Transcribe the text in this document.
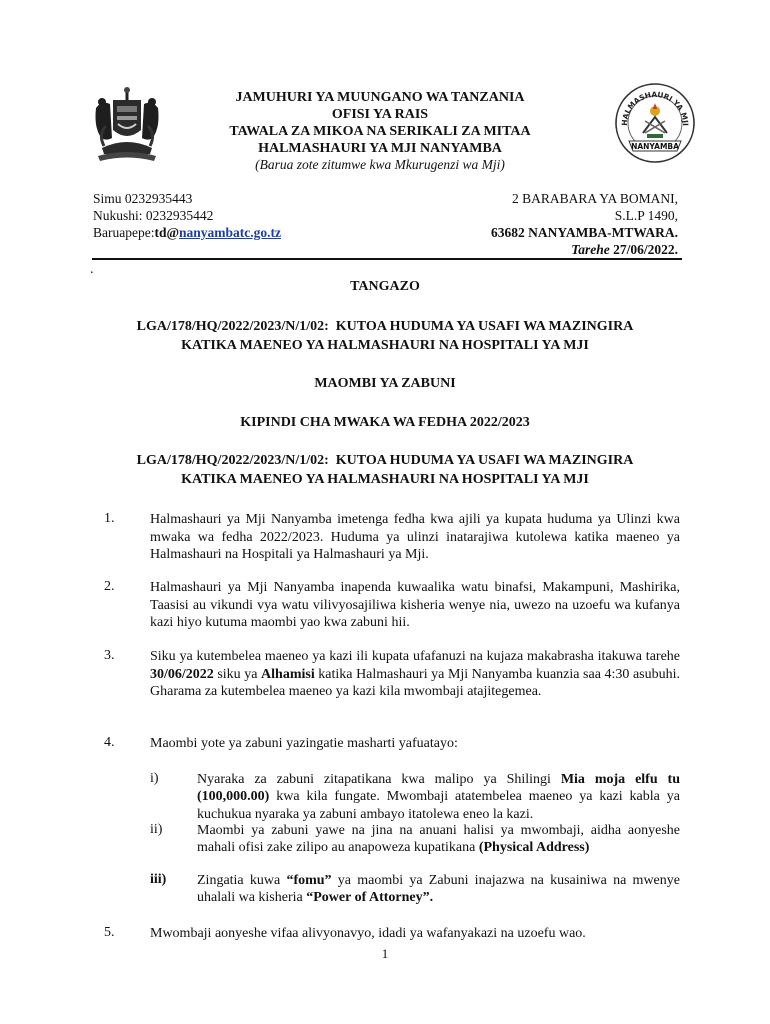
JAMUHURI YA MUUNGANO WA TANZANIA
OFISI YA RAIS
TAWALA ZA MIKOA NA SERIKALI ZA MITAA
HALMASHAURI YA MJI NANYAMBA
(Barua zote zitumwe kwa Mkurugenzi wa Mji)
HALMASHAURI YA MJI
NANYAMBA
Simu 0232935443
Nukushi: 0232935442
Baruapepe:td@nanyambatc.go.tz
2 BARABARA YA BOMANI,
S.L.P 1490,
63682 NANYAMBA-MTWARA.
Tarehe 27/06/2022.
.
TANGAZO
LGA/178/HQ/2022/2023/N/1/02:  KUTOA HUDUMA YA USAFI WA MAZINGIRA
KATIKA MAENEO YA HALMASHAURI NA HOSPITALI YA MJI
MAOMBI YA ZABUNI
KIPINDI CHA MWAKA WA FEDHA 2022/2023
LGA/178/HQ/2022/2023/N/1/02:  KUTOA HUDUMA YA USAFI WA MAZINGIRA
KATIKA MAENEO YA HALMASHAURI NA HOSPITALI YA MJI
1.	Halmashauri ya Mji Nanyamba imetenga fedha kwa ajili ya kupata huduma ya Ulinzi kwa mwaka wa fedha 2022/2023. Huduma ya ulinzi inatarajiwa kutolewa katika maeneo ya Halmashauri na Hospitali ya Halmashauri ya Mji.
2.	Halmashauri ya Mji Nanyamba inapenda kuwaalika watu binafsi, Makampuni, Mashirika, Taasisi au vikundi vya watu vilivyosajiliwa kisheria wenye nia, uwezo na uzoefu wa kufanya kazi hiyo kutuma maombi yao kwa zabuni hii.
3.	Siku ya kutembelea maeneo ya kazi ili kupata ufafanuzi na kujaza makabrasha itakuwa tarehe 30/06/2022 siku ya Alhamisi katika Halmashauri ya Mji Nanyamba kuanzia saa 4:30 asubuhi. Gharama za kutembelea maeneo ya kazi kila mwombaji atajitegemea.
4.	Maombi yote ya zabuni yazingatie masharti yafuatayo:
i)	Nyaraka za zabuni zitapatikana kwa malipo ya Shilingi Mia moja elfu tu (100,000.00) kwa kila fungate. Mwombaji atatembelea maeneo ya kazi kabla ya kuchukua nyaraka ya zabuni ambayo itatolewa eneo la kazi.
ii) Maombi ya zabuni yawe na jina na anuani halisi ya mwombaji, aidha aonyeshe mahali ofisi zake zilipo au anapoweza kupatikana (Physical Address)
iii) Zingatia kuwa “fomu” ya maombi ya Zabuni inajazwa na kusainiwa na mwenye uhalali wa kisheria “Power of Attorney”.
5.	Mwombaji aonyeshe vifaa alivyonavyo, idadi ya wafanyakazi na uzoefu wao.
1
